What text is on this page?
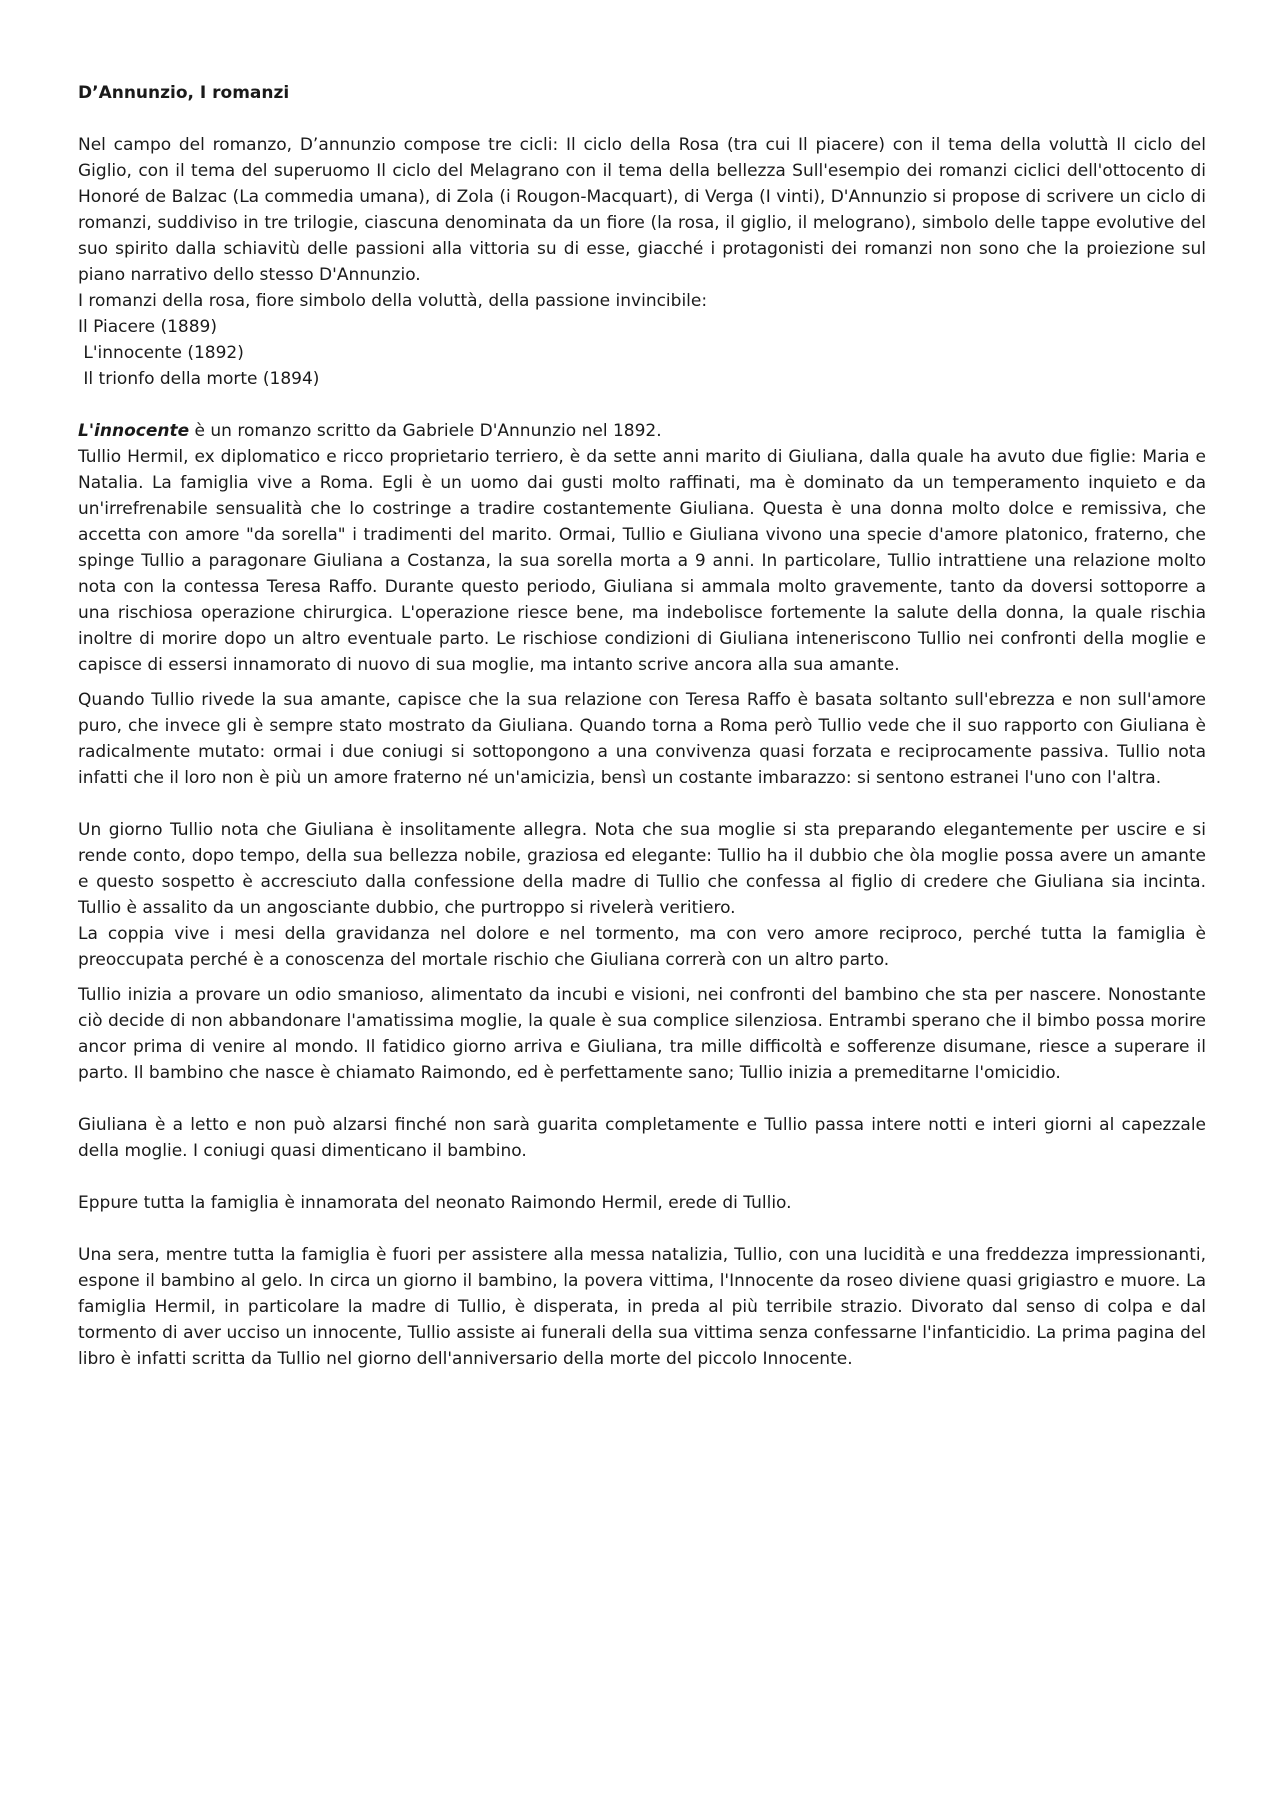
D’Annunzio, I romanzi

Nel campo del romanzo, D’annunzio compose tre cicli: Il ciclo della Rosa (tra cui Il piacere) con il tema della voluttà Il ciclo del Giglio, con il tema del superuomo Il ciclo del Melagrano con il tema della bellezza Sull'esempio dei romanzi ciclici dell'ottocento di Honoré de Balzac (La commedia umana), di Zola (i Rougon-Macquart), di Verga (I vinti), D'Annunzio si propose di scrivere un ciclo di romanzi, suddiviso in tre trilogie, ciascuna denominata da un fiore (la rosa, il giglio, il melograno), simbolo delle tappe evolutive del suo spirito dalla schiavitù delle passioni alla vittoria su di esse, giacché i protagonisti dei romanzi non sono che la proiezione sul piano narrativo dello stesso D'Annunzio.

I romanzi della rosa, fiore simbolo della voluttà, della passione invincibile:

Il Piacere (1889)

L'innocente (1892)

Il trionfo della morte (1894)

L'innocente è un romanzo scritto da Gabriele D'Annunzio nel 1892.

Tullio Hermil, ex diplomatico e ricco proprietario terriero, è da sette anni marito di Giuliana, dalla quale ha avuto due figlie: Maria e Natalia. La famiglia vive a Roma. Egli è un uomo dai gusti molto raffinati, ma è dominato da un temperamento inquieto e da un'irrefrenabile sensualità che lo costringe a tradire costantemente Giuliana. Questa è una donna molto dolce e remissiva, che accetta con amore "da sorella" i tradimenti del marito. Ormai, Tullio e Giuliana vivono una specie d'amore platonico, fraterno, che spinge Tullio a paragonare Giuliana a Costanza, la sua sorella morta a 9 anni. In particolare, Tullio intrattiene una relazione molto nota con la contessa Teresa Raffo. Durante questo periodo, Giuliana si ammala molto gravemente, tanto da doversi sottoporre a una rischiosa operazione chirurgica. L'operazione riesce bene, ma indebolisce fortemente la salute della donna, la quale rischia inoltre di morire dopo un altro eventuale parto. Le rischiose condizioni di Giuliana inteneriscono Tullio nei confronti della moglie e capisce di essersi innamorato di nuovo di sua moglie, ma intanto scrive ancora alla sua amante.

Quando Tullio rivede la sua amante, capisce che la sua relazione con Teresa Raffo è basata soltanto sull'ebrezza e non sull'amore puro, che invece gli è sempre stato mostrato da Giuliana. Quando torna a Roma però Tullio vede che il suo rapporto con Giuliana è radicalmente mutato: ormai i due coniugi si sottopongono a una convivenza quasi forzata e reciprocamente passiva. Tullio nota infatti che il loro non è più un amore fraterno né un'amicizia, bensì un costante imbarazzo: si sentono estranei l'uno con l'altra.

Un giorno Tullio nota che Giuliana è insolitamente allegra. Nota che sua moglie si sta preparando elegantemente per uscire e si rende conto, dopo tempo, della sua bellezza nobile, graziosa ed elegante: Tullio ha il dubbio che òla moglie possa avere un amante e questo sospetto è accresciuto dalla confessione della madre di Tullio che confessa al figlio di credere che Giuliana sia incinta. Tullio è assalito da un angosciante dubbio, che purtroppo si rivelerà veritiero.

La coppia vive i mesi della gravidanza nel dolore e nel tormento, ma con vero amore reciproco, perché tutta la famiglia è preoccupata perché è a conoscenza del mortale rischio che Giuliana correrà con un altro parto.

Tullio inizia a provare un odio smanioso, alimentato da incubi e visioni, nei confronti del bambino che sta per nascere. Nonostante ciò decide di non abbandonare l'amatissima moglie, la quale è sua complice silenziosa. Entrambi sperano che il bimbo possa morire ancor prima di venire al mondo. Il fatidico giorno arriva e Giuliana, tra mille difficoltà e sofferenze disumane, riesce a superare il parto. Il bambino che nasce è chiamato Raimondo, ed è perfettamente sano; Tullio inizia a premeditarne l'omicidio.

Giuliana è a letto e non può alzarsi finché non sarà guarita completamente e Tullio passa intere notti e interi giorni al capezzale della moglie. I coniugi quasi dimenticano il bambino.

Eppure tutta la famiglia è innamorata del neonato Raimondo Hermil, erede di Tullio.

Una sera, mentre tutta la famiglia è fuori per assistere alla messa natalizia, Tullio, con una lucidità e una freddezza impressionanti, espone il bambino al gelo. In circa un giorno il bambino, la povera vittima, l'Innocente da roseo diviene quasi grigiastro e muore. La famiglia Hermil, in particolare la madre di Tullio, è disperata, in preda al più terribile strazio. Divorato dal senso di colpa e dal tormento di aver ucciso un innocente, Tullio assiste ai funerali della sua vittima senza confessarne l'infanticidio. La prima pagina del libro è infatti scritta da Tullio nel giorno dell'anniversario della morte del piccolo Innocente.
